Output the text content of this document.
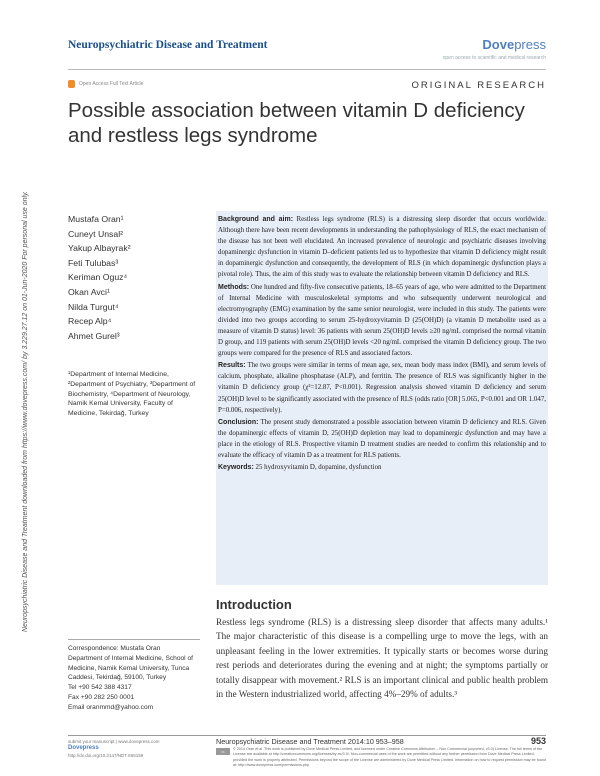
Neuropsychiatric Disease and Treatment	Dovepress
open access to scientific and medical research
Open Access Full Text Article	ORIGINAL RESEARCH
Possible association between vitamin D deficiency and restless legs syndrome
Neuropsychiatric Disease and Treatment downloaded from https://www.dovepress.com/ by 3.229.27.12 on 01-Jun-2020 For personal use only.	Mustafa Oran¹
Cuneyt Unsal²
Yakup Albayrak²
Feti Tulubas³
Keriman Oguz⁴
Okan Avci¹
Nilda Turgut⁴
Recep Alp⁴
Ahmet Gurel³
¹Department of Internal Medicine, ²Department of Psychiatry, ³Department of Biochemistry, ⁴Department of Neurology, Namik Kemal University, Faculty of Medicine, Tekirdağ, Turkey

Background and aim: Restless legs syndrome (RLS) is a distressing sleep disorder that occurs worldwide. Although there have been recent developments in understanding the pathophysiology of RLS, the exact mechanism of the disease has not been well elucidated. An increased prevalence of neurologic and psychiatric diseases involving dopaminergic dysfunction in vitamin D–deficient patients led us to hypothesize that vitamin D deficiency might result in dopaminergic dysfunction and consequently, the development of RLS (in which dopaminergic dysfunction plays a pivotal role). Thus, the aim of this study was to evaluate the relationship between vitamin D deficiency and RLS.

Methods: One hundred and fifty-five consecutive patients, 18–65 years of age, who were admitted to the Department of Internal Medicine with musculoskeletal symptoms and who subsequently underwent neurological and electromyography (EMG) examination by the same senior neurologist, were included in this study. The patients were divided into two groups according to serum 25-hydroxyvitamin D (25(OH)D) (a vitamin D metabolite used as a measure of vitamin D status) level: 36 patients with serum 25(OH)D levels ≥20 ng/mL comprised the normal vitamin D group, and 119 patients with serum 25(OH)D levels <20 ng/mL comprised the vitamin D deficiency group. The two groups were compared for the presence of RLS and associated factors.

Results: The two groups were similar in terms of mean age, sex, mean body mass index (BMI), and serum levels of calcium, phosphate, alkaline phosphatase (ALP), and ferritin. The presence of RLS was significantly higher in the vitamin D deficiency group (χ²=12.87, P<0.001). Regression analysis showed vitamin D deficiency and serum 25(OH)D level to be significantly associated with the presence of RLS (odds ratio [OR] 5.065, P<0.001 and OR 1.047, P=0.006, respectively).

Conclusion: The present study demonstrated a possible association between vitamin D deficiency and RLS. Given the dopaminergic effects of vitamin D, 25(OH)D depletion may lead to dopaminergic dysfunction and may have a place in the etiology of RLS. Prospective vitamin D treatment studies are needed to confirm this relationship and to evaluate the efficacy of vitamin D as a treatment for RLS patients.

Keywords: 25 hydroxyvitamin D, dopamine, dysfunction

Introduction
Restless legs syndrome (RLS) is a distressing sleep disorder that affects many adults.¹ The major characteristic of this disease is a compelling urge to move the legs, with an unpleasant feeling in the lower extremities. It typically starts or becomes worse during rest periods and deteriorates during the evening and at night; the symptoms partially or totally disappear with movement.² RLS is an important clinical and public health problem in the Western industrialized world, affecting 4%–29% of adults.³
Correspondence: Mustafa Oran
Department of Internal Medicine, School of Medicine, Namik Kemal University, Tunca Caddesi, Tekirdağ, 59100, Turkey
Tel +90 542 388 4317
Fax +90 282 250 0001
Email oranmmd@yahoo.com
submit your manuscript | www.dovepress.com
Dovepress
http://dx.doi.org/10.2147/NDT.S65159
Neuropsychiatric Disease and Treatment 2014:10 953–958	953
cc	© 2014 Oran et al. This work is published by Dove Medical Press Limited, and licensed under Creative Commons Attribution – Non Commercial (unported, v3.0) License. The full terms of the License are available at http://creativecommons.org/licenses/by-nc/3.0/. Non-commercial uses of the work are permitted without any further permission from Dove Medical Press Limited, provided the work is properly attributed. Permissions beyond the scope of the License are administered by Dove Medical Press Limited. Information on how to request permission may be found at: http://www.dovepress.com/permissions.php
